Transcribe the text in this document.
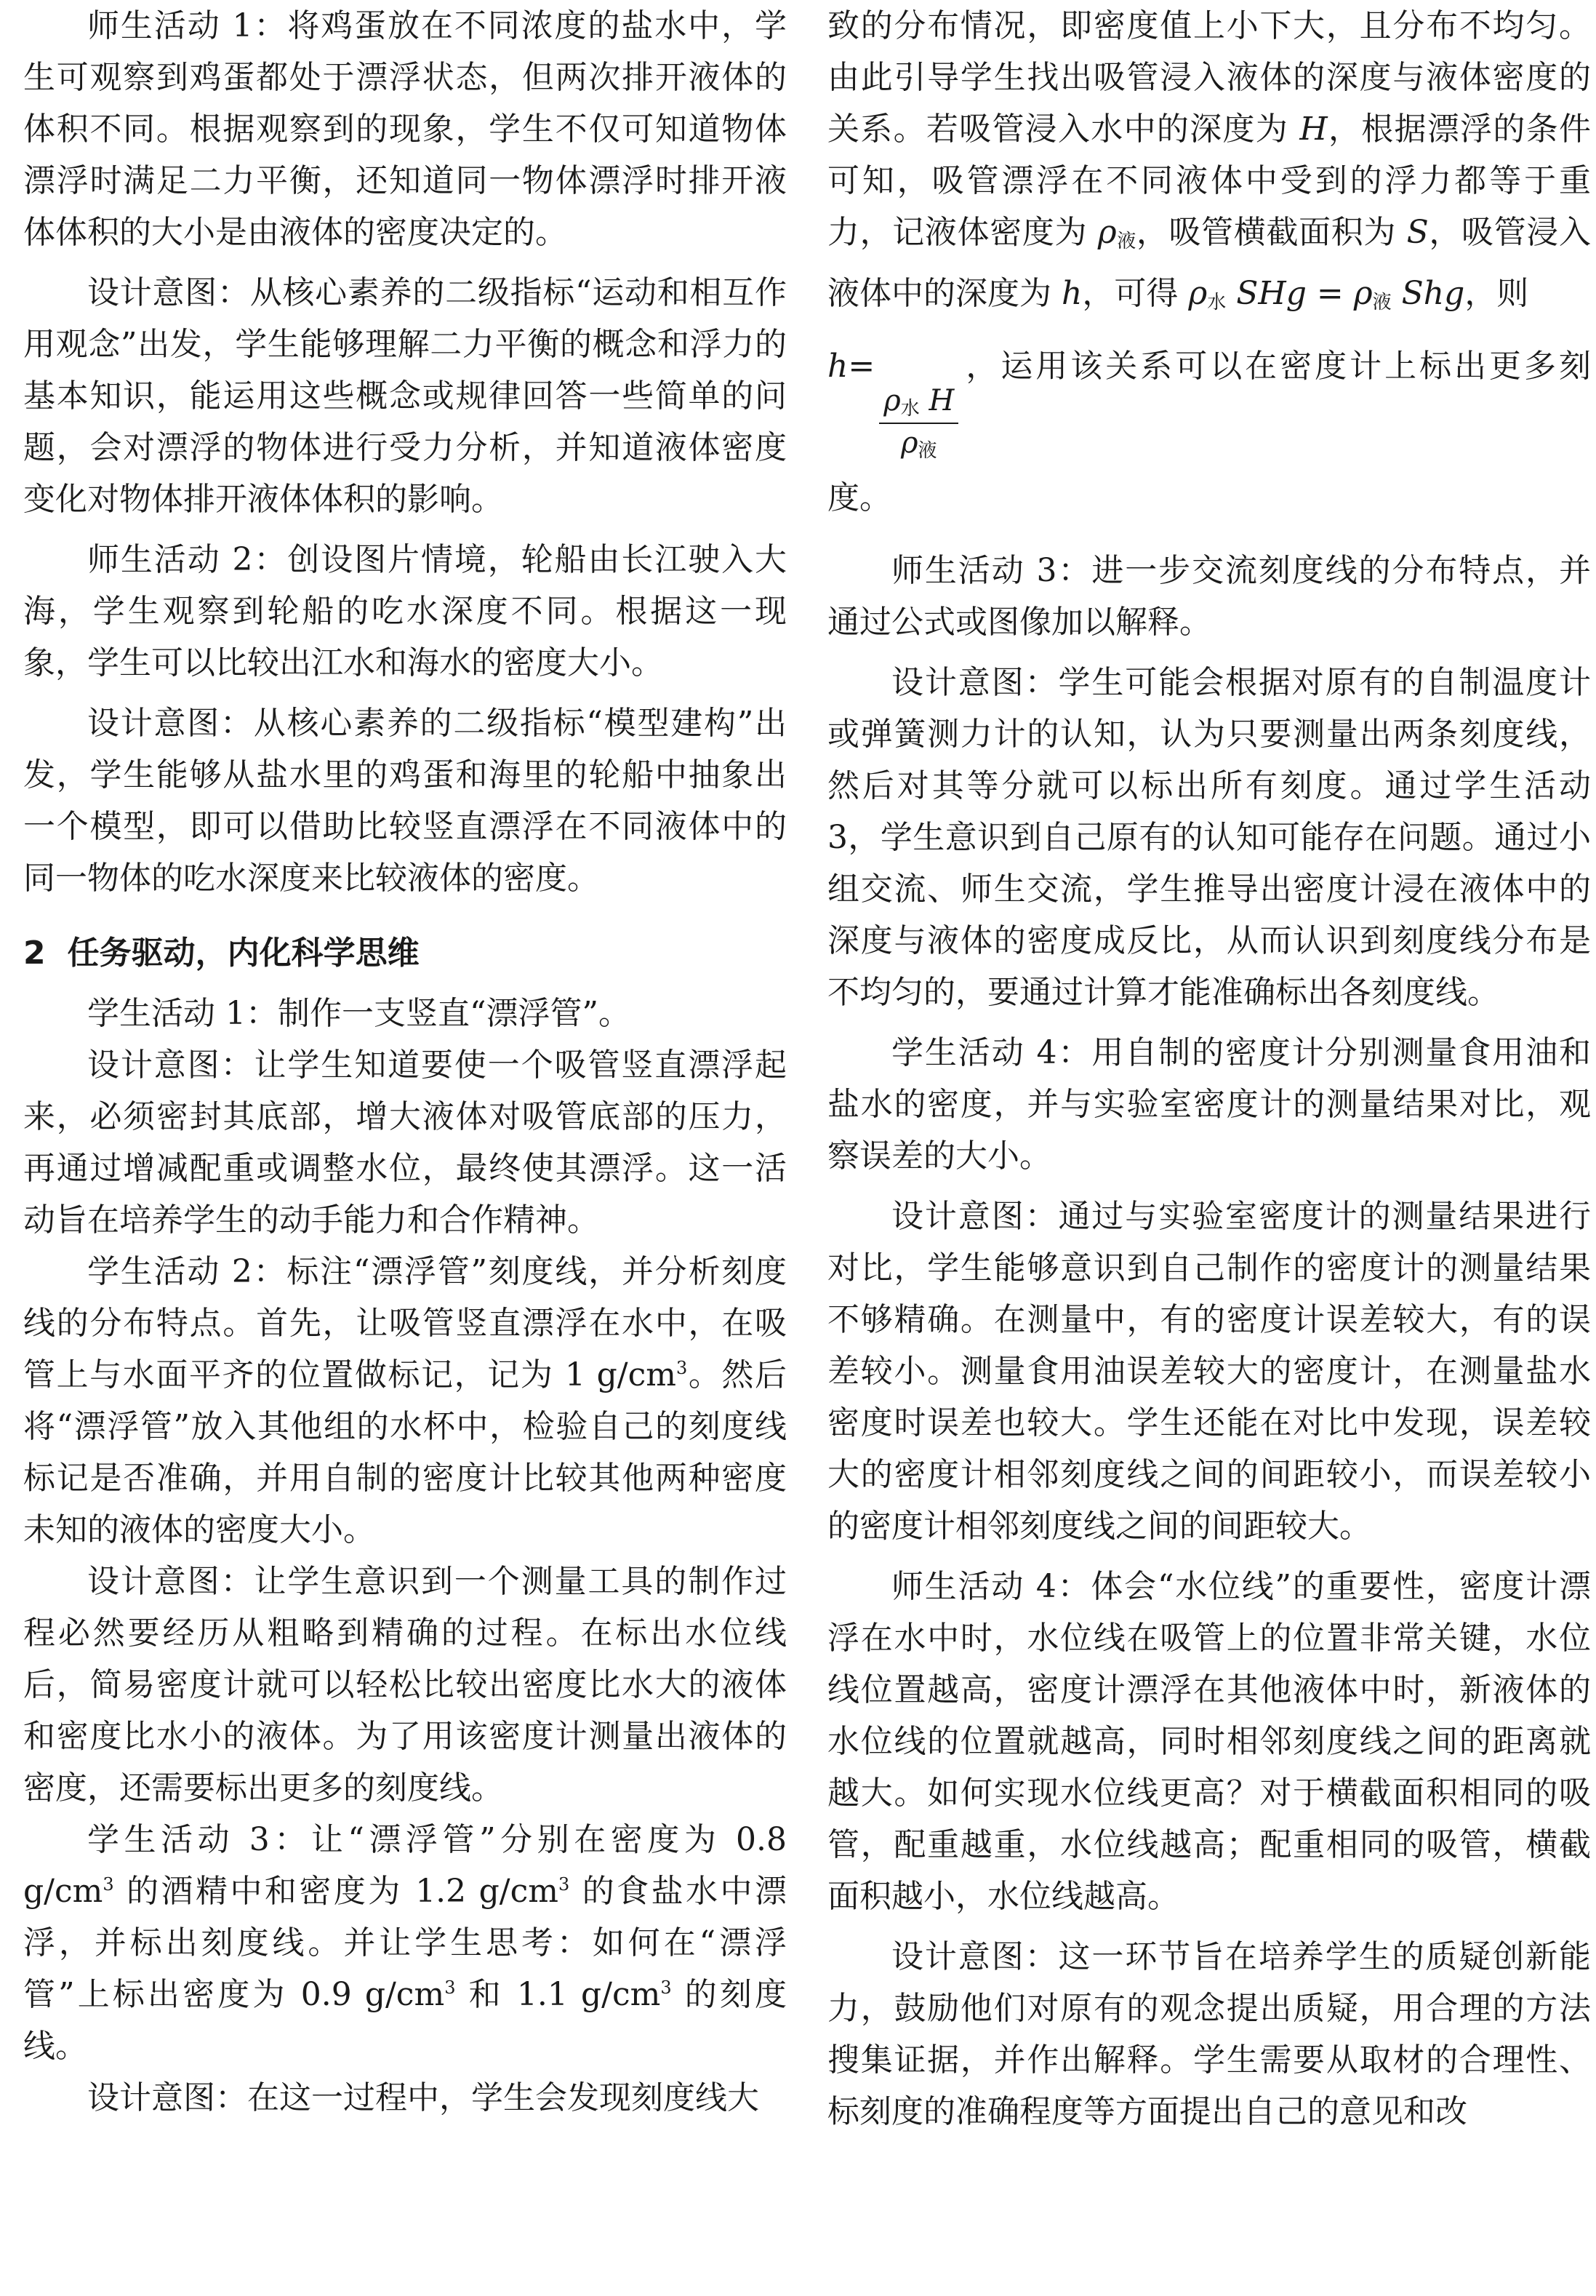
师生活动 1：将鸡蛋放在不同浓度的盐水中，学生可观察到鸡蛋都处于漂浮状态，但两次排开液体的体积不同。根据观察到的现象，学生不仅可知道物体漂浮时满足二力平衡，还知道同一物体漂浮时排开液体体积的大小是由液体的密度决定的。

设计意图：从核心素养的二级指标“运动和相互作用观念”出发，学生能够理解二力平衡的概念和浮力的基本知识，能运用这些概念或规律回答一些简单的问题，会对漂浮的物体进行受力分析，并知道液体密度变化对物体排开液体体积的影响。

师生活动 2：创设图片情境，轮船由长江驶入大海，学生观察到轮船的吃水深度不同。根据这一现象，学生可以比较出江水和海水的密度大小。

设计意图：从核心素养的二级指标“模型建构”出发，学生能够从盐水里的鸡蛋和海里的轮船中抽象出一个模型，即可以借助比较竖直漂浮在不同液体中的同一物体的吃水深度来比较液体的密度。

2 任务驱动，内化科学思维

学生活动 1：制作一支竖直“漂浮管”。

设计意图：让学生知道要使一个吸管竖直漂浮起来，必须密封其底部，增大液体对吸管底部的压力，再通过增减配重或调整水位，最终使其漂浮。这一活动旨在培养学生的动手能力和合作精神。

学生活动 2：标注“漂浮管”刻度线，并分析刻度线的分布特点。首先，让吸管竖直漂浮在水中，在吸管上与水面平齐的位置做标记，记为 1 $g/cm^3$。然后将“漂浮管”放入其他组的水杯中，检验自己的刻度线标记是否准确，并用自制的密度计比较其他两种密度未知的液体的密度大小。

设计意图：让学生意识到一个测量工具的制作过程必然要经历从粗略到精确的过程。在标出水位线后，简易密度计就可以轻松比较出密度比水大的液体和密度比水小的液体。为了用该密度计测量出液体的密度，还需要标出更多的刻度线。

学生活动 3：让“漂浮管”分别在密度为 0.8 $g/cm^3$ 的酒精中和密度为 1.2 $g/cm^3$ 的食盐水中漂浮，并标出刻度线。并让学生思考：如何在“漂浮管”上标出密度为 0.9 $g/cm^3$ 和 1.1 $g/cm^3$ 的刻度线。

设计意图：在这一过程中，学生会发现刻度线大

致的分布情况，即密度值上小下大，且分布不均匀。由此引导学生找出吸管浸入液体的深度与液体密度的关系。若吸管浸入水中的深度为 H，根据漂浮的条件可知，吸管漂浮在不同液体中受到的浮力都等于重力，记液体密度为 $\rho_液$，吸管横截面积为 S，吸管浸入液体中的深度为 h，可得 $\rho_水$ SHg = $\rho_液$ Shg，则

h=
$\frac{\rho_水 H}{\rho_液}$
，运用该关系可以在密度计上标出更多刻度。

师生活动 3：进一步交流刻度线的分布特点，并通过公式或图像加以解释。

设计意图：学生可能会根据对原有的自制温度计或弹簧测力计的认知，认为只要测量出两条刻度线，然后对其等分就可以标出所有刻度。通过学生活动 3，学生意识到自己原有的认知可能存在问题。通过小组交流、师生交流，学生推导出密度计浸在液体中的深度与液体的密度成反比，从而认识到刻度线分布是不均匀的，要通过计算才能准确标出各刻度线。

学生活动 4：用自制的密度计分别测量食用油和盐水的密度，并与实验室密度计的测量结果对比，观察误差的大小。

设计意图：通过与实验室密度计的测量结果进行对比，学生能够意识到自己制作的密度计的测量结果不够精确。在测量中，有的密度计误差较大，有的误差较小。测量食用油误差较大的密度计，在测量盐水密度时误差也较大。学生还能在对比中发现，误差较大的密度计相邻刻度线之间的间距较小，而误差较小的密度计相邻刻度线之间的间距较大。

师生活动 4：体会“水位线”的重要性，密度计漂浮在水中时，水位线在吸管上的位置非常关键，水位线位置越高，密度计漂浮在其他液体中时，新液体的水位线的位置就越高，同时相邻刻度线之间的距离就越大。如何实现水位线更高？对于横截面积相同的吸管，配重越重，水位线越高；配重相同的吸管，横截面积越小，水位线越高。

设计意图：这一环节旨在培养学生的质疑创新能力，鼓励他们对原有的观念提出质疑，用合理的方法搜集证据，并作出解释。学生需要从取材的合理性、标刻度的准确程度等方面提出自己的意见和改
